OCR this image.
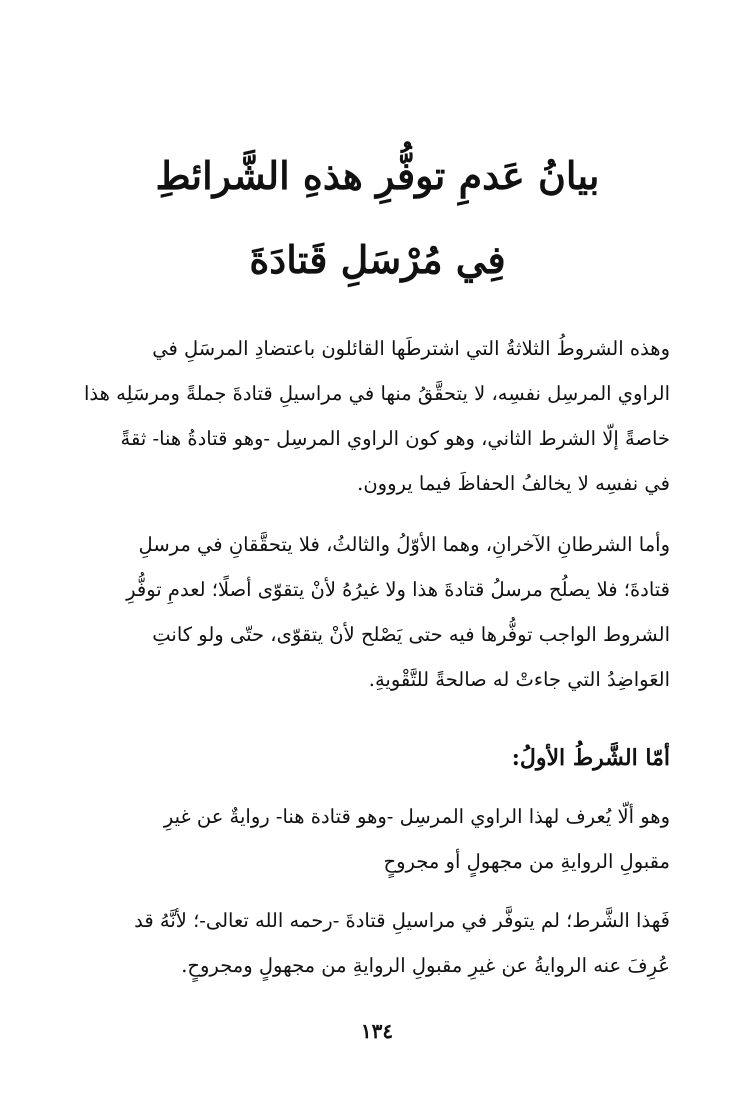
بيانُ عَدمِ توفُّرِ هذهِ الشَّرائطِ
فِي مُرْسَلِ قَتادَةَ
وهذه الشروطُ الثلاثةُ التي اشترطَها القائلون باعتضادِ المرسَلِ في
الراوي المرسِل نفسِه، لا يتحقَّقُ منها في مراسيلِ قتادةَ جملةً ومرسَلِه هذا
خاصةً إلّا الشرط الثاني، وهو كون الراوي المرسِل -وهو قتادةُ هنا- ثقةً
في نفسِه لا يخالفُ الحفاظَ فيما يروون.
وأما الشرطانِ الآخرانِ، وهما الأوّلُ والثالثُ، فلا يتحقَّقانِ في مرسلِ
قتادةَ؛ فلا يصلُح مرسلُ قتادةَ هذا ولا غيرُهُ لأنْ يتقوّى أصلًا؛ لعدمِ توفُّرِ
الشروط الواجب توفُّرها فيه حتى يَصْلح لأنْ يتقوّى، حتّى ولو كانتِ
العَواضِدُ التي جاءتْ له صالحةً للتَّقْويةِ.
أمّا الشَّرطُ الأولُ:
وهو ألّا يُعرف لهذا الراوي المرسِل -وهو قتادة هنا- روايةٌ عن غيرِ
مقبولِ الروايةِ من مجهولٍ أو مجروحٍ
فَهذا الشَّرط؛ لم يتوفَّر في مراسيلِ قتادةَ -رحمه الله تعالى-؛ لأنَّهُ قد
عُرِفَ عنه الروايةُ عن غيرِ مقبولِ الروايةِ من مجهولٍ ومجروحٍ.
١٣٤
